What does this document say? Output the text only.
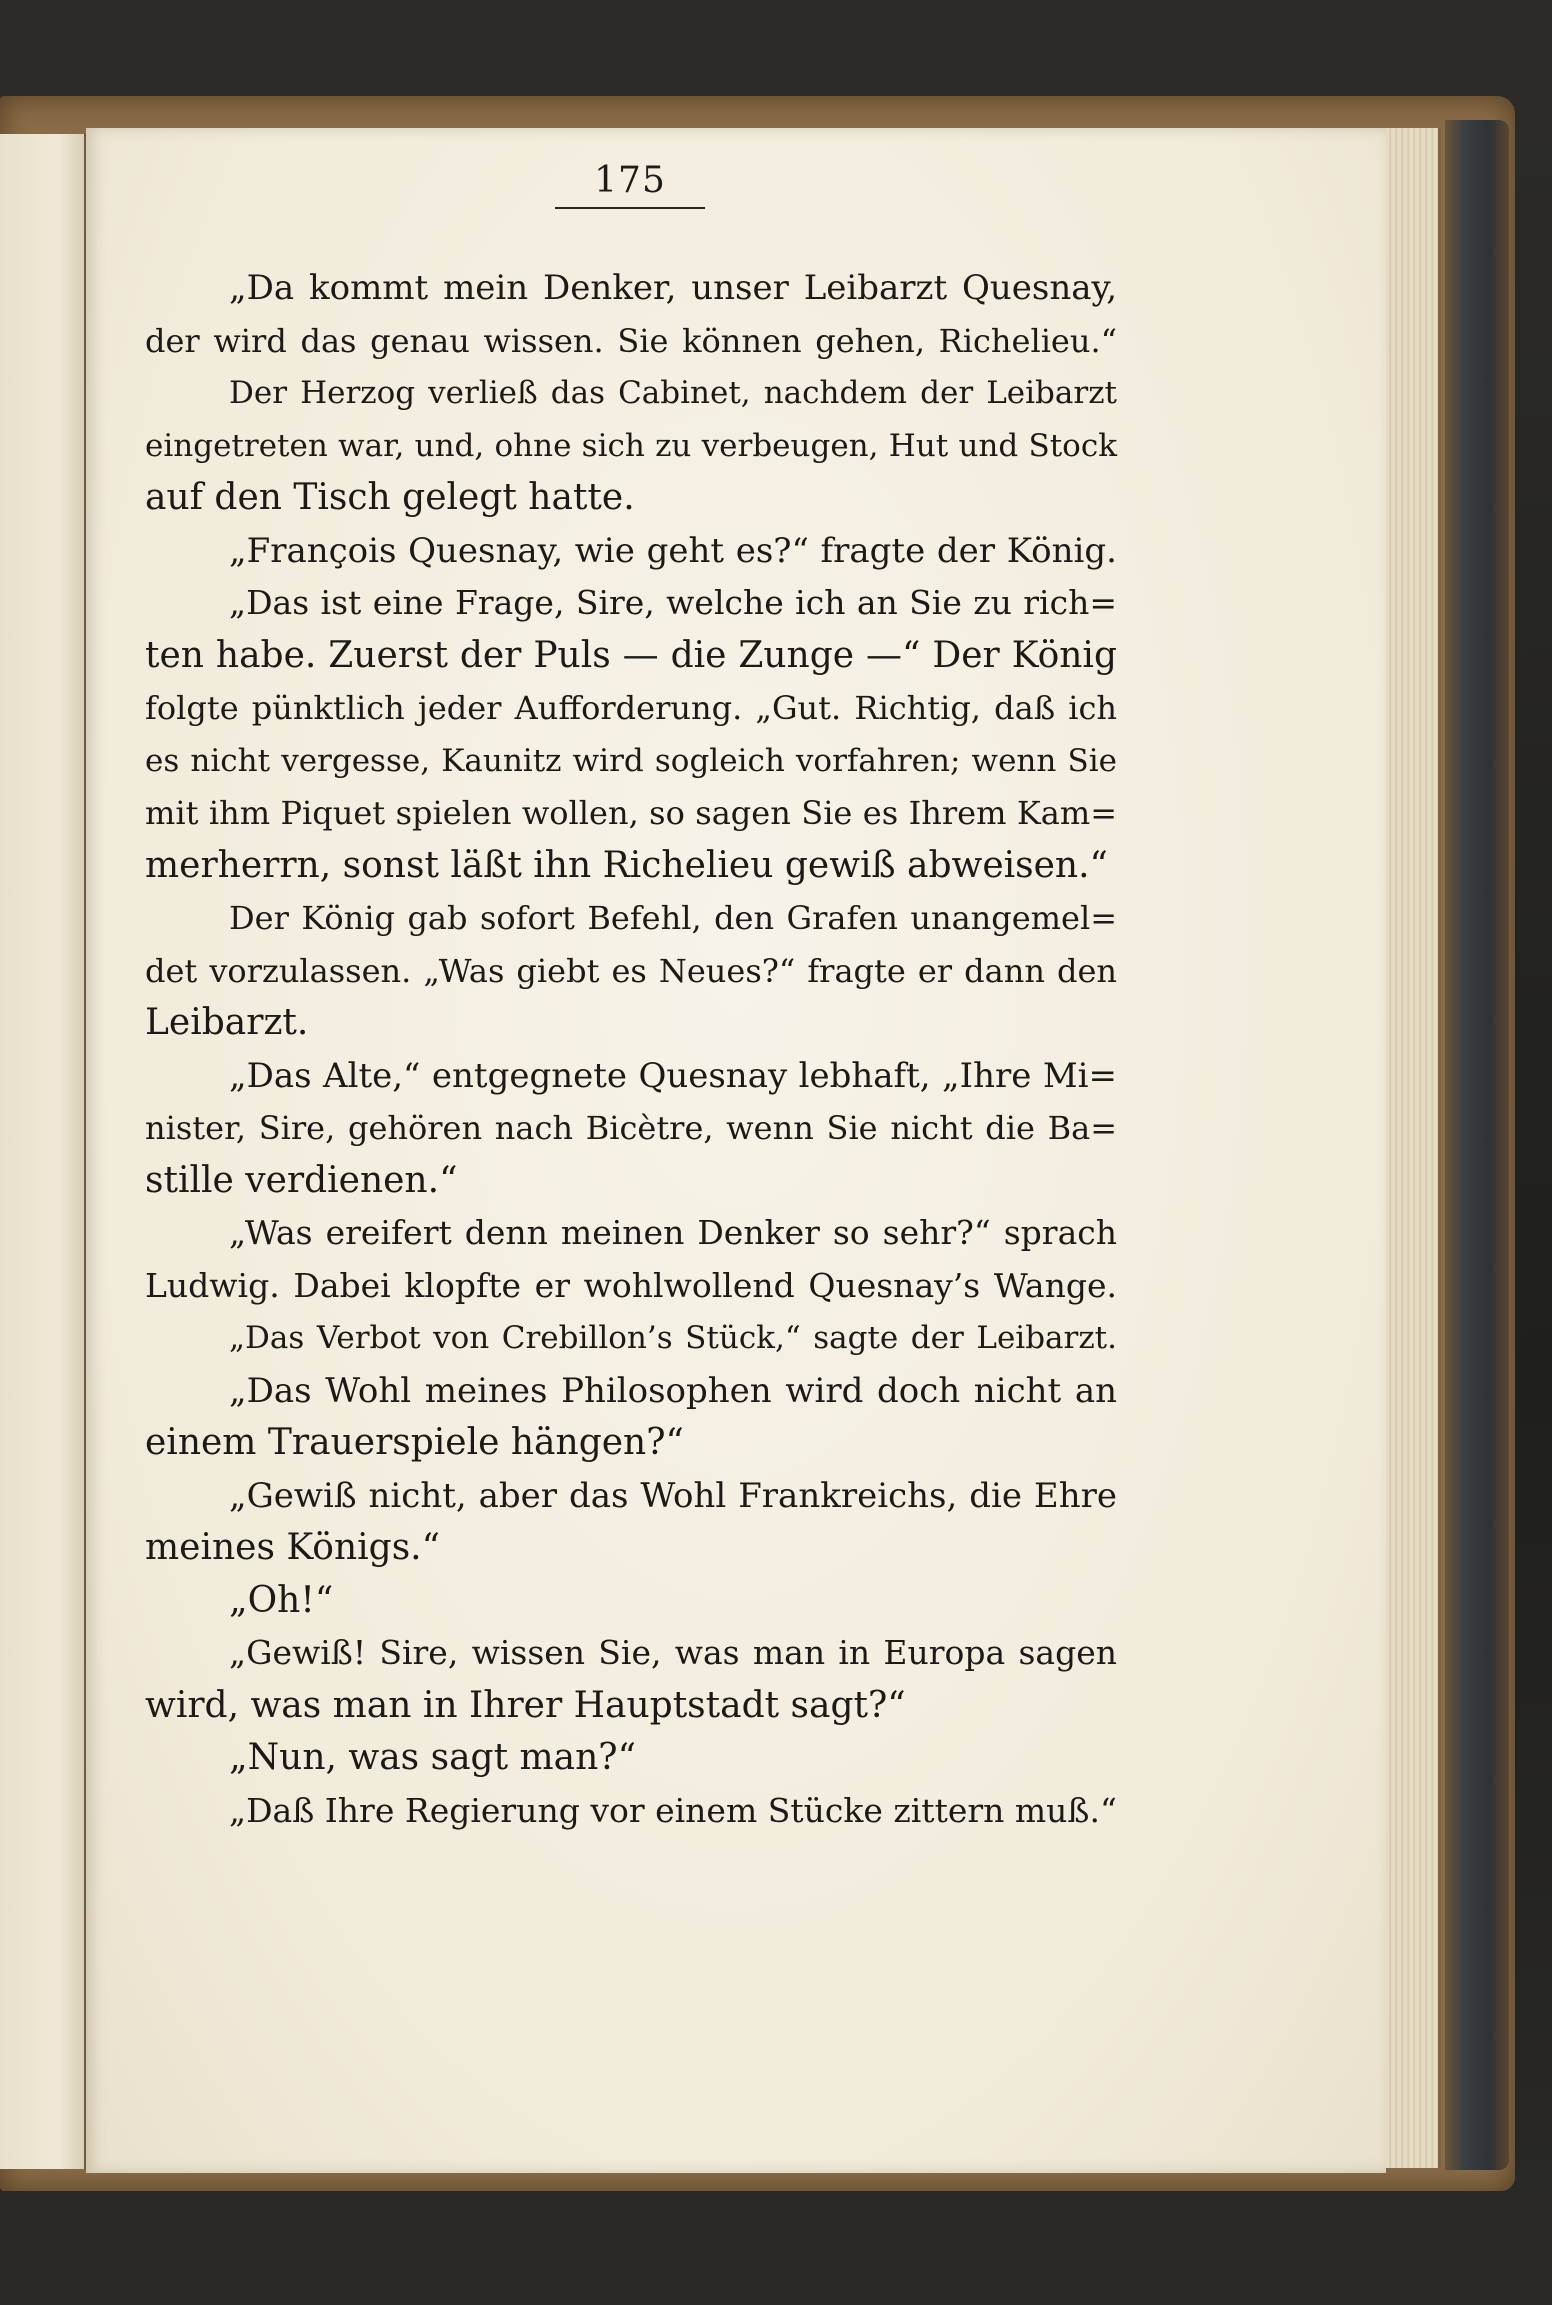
175
„Da kommt mein Denker, unser Leibarzt Quesnay,
der wird das genau wissen. Sie können gehen, Richelieu.“
Der Herzog verließ das Cabinet, nachdem der Leibarzt
eingetreten war, und, ohne sich zu verbeugen, Hut und Stock
auf den Tisch gelegt hatte.
„François Quesnay, wie geht es?“ fragte der König.
„Das ist eine Frage, Sire, welche ich an Sie zu rich=
ten habe. Zuerst der Puls — die Zunge —“ Der König
folgte pünktlich jeder Aufforderung. „Gut. Richtig, daß ich
es nicht vergesse, Kaunitz wird sogleich vorfahren; wenn Sie
mit ihm Piquet spielen wollen, so sagen Sie es Ihrem Kam=
merherrn, sonst läßt ihn Richelieu gewiß abweisen.“
Der König gab sofort Befehl, den Grafen unangemel=
det vorzulassen. „Was giebt es Neues?“ fragte er dann den
Leibarzt.
„Das Alte,“ entgegnete Quesnay lebhaft, „Ihre Mi=
nister, Sire, gehören nach Bicètre, wenn Sie nicht die Ba=
stille verdienen.“
„Was ereifert denn meinen Denker so sehr?“ sprach
Ludwig. Dabei klopfte er wohlwollend Quesnay’s Wange.
„Das Verbot von Crebillon’s Stück,“ sagte der Leibarzt.
„Das Wohl meines Philosophen wird doch nicht an
einem Trauerspiele hängen?“
„Gewiß nicht, aber das Wohl Frankreichs, die Ehre
meines Königs.“
„Oh!“
„Gewiß! Sire, wissen Sie, was man in Europa sagen
wird, was man in Ihrer Hauptstadt sagt?“
„Nun, was sagt man?“
„Daß Ihre Regierung vor einem Stücke zittern muß.“
